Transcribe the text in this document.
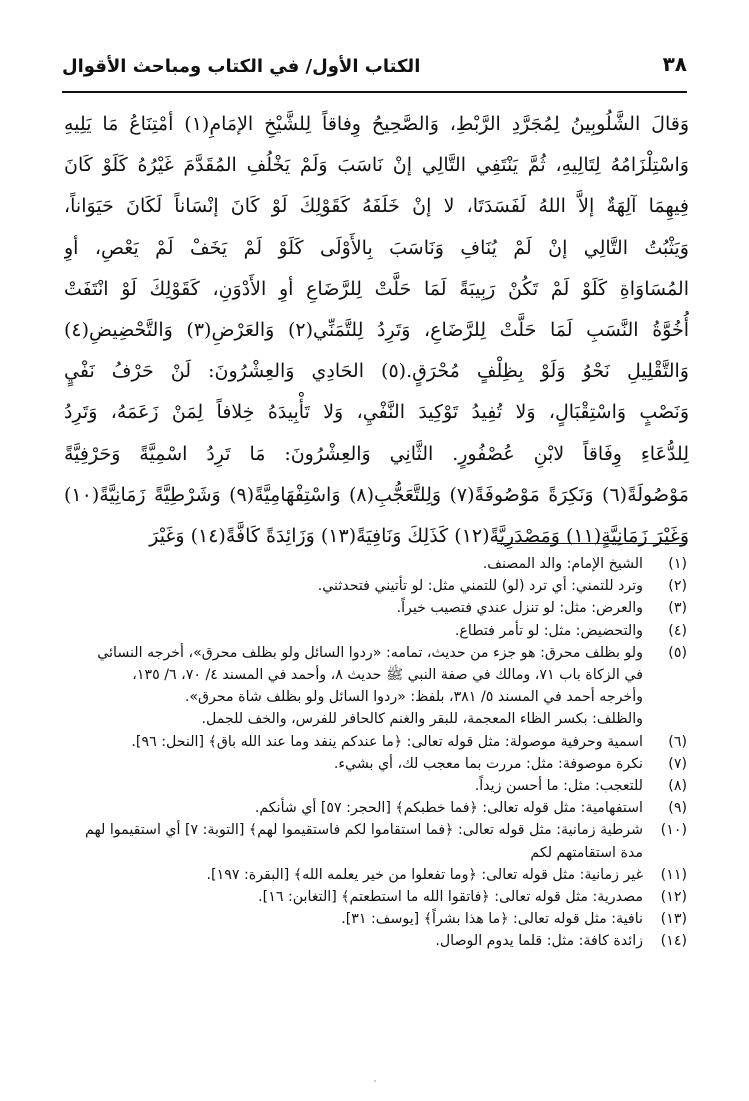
الكتاب الأول/ في الكتاب ومباحث الأقوال	٣٨
وَقالَ الشَّلُوبِينُ لِمُجَرَّدِ الرَّبْطِ، وَالصَّحِيحُ وِفاقاً لِلشَّيْخِ الإمَامِ(١) أمْتِنَاعُ مَا يَلِيهِ
وَاسْتِلْزَامُهُ لِتَالِيهِ، ثُمَّ يَنْتَفِي التَّالِي إنْ نَاسَبَ وَلَمْ يَخْلُفِ المُقَدَّمَ غَيْرُهُ كَلَوْ كَانَ
فِيهِمَا آلِهَةٌ إلاَّ اللهُ لَفَسَدَتَا، لا إنْ خَلَفَهُ كَقَوْلِكَ لَوْ كَانَ إنْسَاناً لَكَانَ حَيَوَاناً،
وَيَثْبُتُ التَّالِي إنْ لَمْ يُنَافِ وَنَاسَبَ بِالأَوْلَى كَلَوْ لَمْ يَخَفْ لَمْ يَعْصِ، أوِ
المُسَاوَاةِ كَلَوْ لَمْ تَكُنْ رَبِيبَةً لَمَا حَلَّتْ لِلرَّضَاعِ أوِ الأَدْوَنِ، كَقَوْلِكَ لَوْ انْتَفَتْ
أُخُوَّةُ النَّسَبِ لَمَا حَلَّتْ لِلرَّضَاعِ، وَتَرِدُ لِلتَّمَنِّي(٢) وَالعَرْضِ(٣) وَالتَّحْضِيضِ(٤)
وَالتَّقْلِيلِ نَحْوُ وَلَوْ بِظِلْفٍ مُحْرَقٍ.(٥) الحَادِي وَالعِشْرُونَ: لَنْ حَرْفُ نَفْيٍ
وَنَصْبٍ وَاسْتِقْبَالٍ، وَلا تُفِيدُ تَوْكِيدَ النَّفْيِ، وَلا تَأْبِيدَهُ خِلافاً لِمَنْ زَعَمَهُ، وَتَرِدُ
لِلدُّعَاءِ وِفَاقاً لابْنِ عُصْفُورٍ. الثَّانِي وَالعِشْرُونَ: مَا تَرِدُ اسْمِيَّةً وَحَرْفِيَّةً
مَوْصُولَةً(٦) وَنَكِرَةً مَوْصُوفَةً(٧) وَلِلتَّعَجُّبِ(٨) وَاسْتِفْهَامِيَّةً(٩) وَشَرْطِيَّةً زَمَانِيَّةً(١٠)
وَغَيْرَ زَمَانِيَّةٍ(١١) وَمَصْدَرِيَّةً(١٢) كَذَلِكَ وَنَافِيَةً(١٣) وَزَائِدَةً كَافَّةً(١٤) وَغَيْرَ
(١)
الشيخ الإمام: والد المصنف.
(٢)
وترد للتمني: أي ترد (لو) للتمني مثل: لو تأتيني فتحدثني.
(٣)
والعرض: مثل: لو تنزل عندي فتصيب خيراً.
(٤)
والتحضيض: مثل: لو تأمر فتطاع.
(٥)
ولو بظلف محرق: هو جزء من حديث، تمامه: «ردوا السائل ولو بظلف محرق»، أخرجه النسائي
في الزكاة باب ٧١، ومالك في صفة النبي ﷺ حديث ٨، وأحمد في المسند ٤/ ٧٠، ٦/ ١٣٥،
وأخرجه أحمد في المسند ٥/ ٣٨١، بلفظ: «ردوا السائل ولو بظلف شاة محرق».
والظلف: بكسر الظاء المعجمة، للبقر والغنم كالحافر للفرس، والخف للجمل.
(٦)
اسمية وحرفية موصولة: مثل قوله تعالى: ﴿ما عندكم ينفد وما عند الله باق﴾ [النحل: ٩٦].
(٧)
نكرة موصوفة: مثل: مررت بما معجب لك، أي بشيء.
(٨)
للتعجب: مثل: ما أحسن زيداً.
(٩)
استفهامية: مثل قوله تعالى: ﴿فما خطبكم﴾ [الحجر: ٥٧] أي شأنكم.
(١٠)
شرطية زمانية: مثل قوله تعالى: ﴿فما استقاموا لكم فاستقيموا لهم﴾ [التوبة: ٧] أي استقيموا لهم
مدة استقامتهم لكم
(١١)
غير زمانية: مثل قوله تعالى: ﴿وما تفعلوا من خير يعلمه الله﴾ [البقرة: ١٩٧].
(١٢)
مصدرية: مثل قوله تعالى: ﴿فاتقوا الله ما استطعتم﴾ [التغابن: ١٦].
(١٣)
نافية: مثل قوله تعالى: ﴿ما هذا بشراً﴾ [يوسف: ٣١].
(١٤)
زائدة كافة: مثل: قلما يدوم الوصال.
